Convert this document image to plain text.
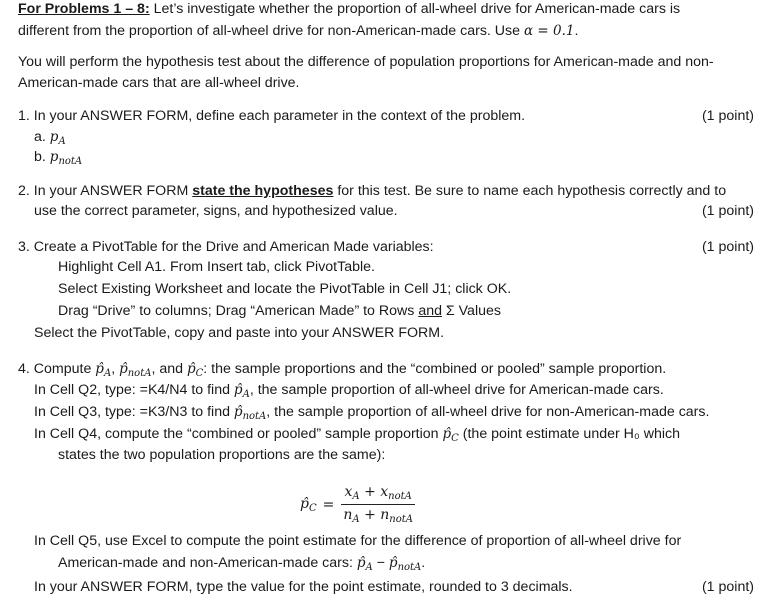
For Problems 1 – 8: Let’s investigate whether the proportion of all-wheel drive for American-made cars is
different from the proportion of all-wheel drive for non-American-made cars. Use α = 0.1.
You will perform the hypothesis test about the difference of population proportions for American-made and non-
American-made cars that are all-wheel drive.
1. In your ANSWER FORM, define each parameter in the context of the problem.	(1 point)
a. $p_A$
b. $p_{notA}$
2. In your ANSWER FORM state the hypotheses for this test. Be sure to name each hypothesis correctly and to
use the correct parameter, signs, and hypothesized value.	(1 point)
3. Create a PivotTable for the Drive and American Made variables:	(1 point)
Highlight Cell A1. From Insert tab, click PivotTable.
Select Existing Worksheet and locate the PivotTable in Cell J1; click OK.
Drag “Drive” to columns; Drag “American Made” to Rows and Σ Values
Select the PivotTable, copy and paste into your ANSWER FORM.
4. Compute $p̂_A$, $p̂_{notA}$, and $p̂_C$: the sample proportions and the “combined or pooled” sample proportion.
In Cell Q2, type: =K4/N4 to find $p̂_A$, the sample proportion of all-wheel drive for American-made cars.
In Cell Q3, type: =K3/N3 to find $p̂_{notA}$, the sample proportion of all-wheel drive for non-American-made cars.
In Cell Q4, compute the “combined or pooled” sample proportion $p̂_C$ (the point estimate under H₀ which
states the two population proportions are the same):
$p̂_C = \frac{x_A + x_{notA}}{n_A + n_{notA}}$
In Cell Q5, use Excel to compute the point estimate for the difference of proportion of all-wheel drive for
American-made and non-American-made cars: $p̂_A$ − $p̂_{notA}$.
In your ANSWER FORM, type the value for the point estimate, rounded to 3 decimals.	(1 point)
